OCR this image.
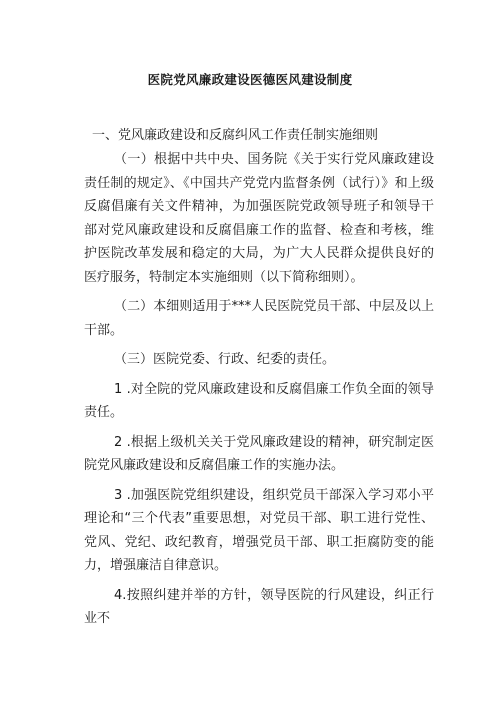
医院党风廉政建设医德医风建设制度
一、党风廉政建设和反腐纠风工作责任制实施细则

（一）根据中共中央、国务院《关于实行党风廉政建设责任制的规定》、《中国共产党党内监督条例（试行）》和上级反腐倡廉有关文件精神，为加强医院党政领导班子和领导干部对党风廉政建设和反腐倡廉工作的监督、检查和考核，维护医院改革发展和稳定的大局，为广大人民群众提供良好的医疗服务，特制定本实施细则（以下简称细则）。

（二）本细则适用于***人民医院党员干部、中层及以上干部。

（三）医院党委、行政、纪委的责任。

1 .对全院的党风廉政建设和反腐倡廉工作负全面的领导责任。

2 .根据上级机关关于党风廉政建设的精神，研究制定医院党风廉政建设和反腐倡廉工作的实施办法。

3 .加强医院党组织建设，组织党员干部深入学习邓小平理论和“三个代表”重要思想，对党员干部、职工进行党性、党风、党纪、政纪教育，增强党员干部、职工拒腐防变的能力，增强廉洁自律意识。

4.按照纠建并举的方针，领导医院的行风建设，纠正行业不
